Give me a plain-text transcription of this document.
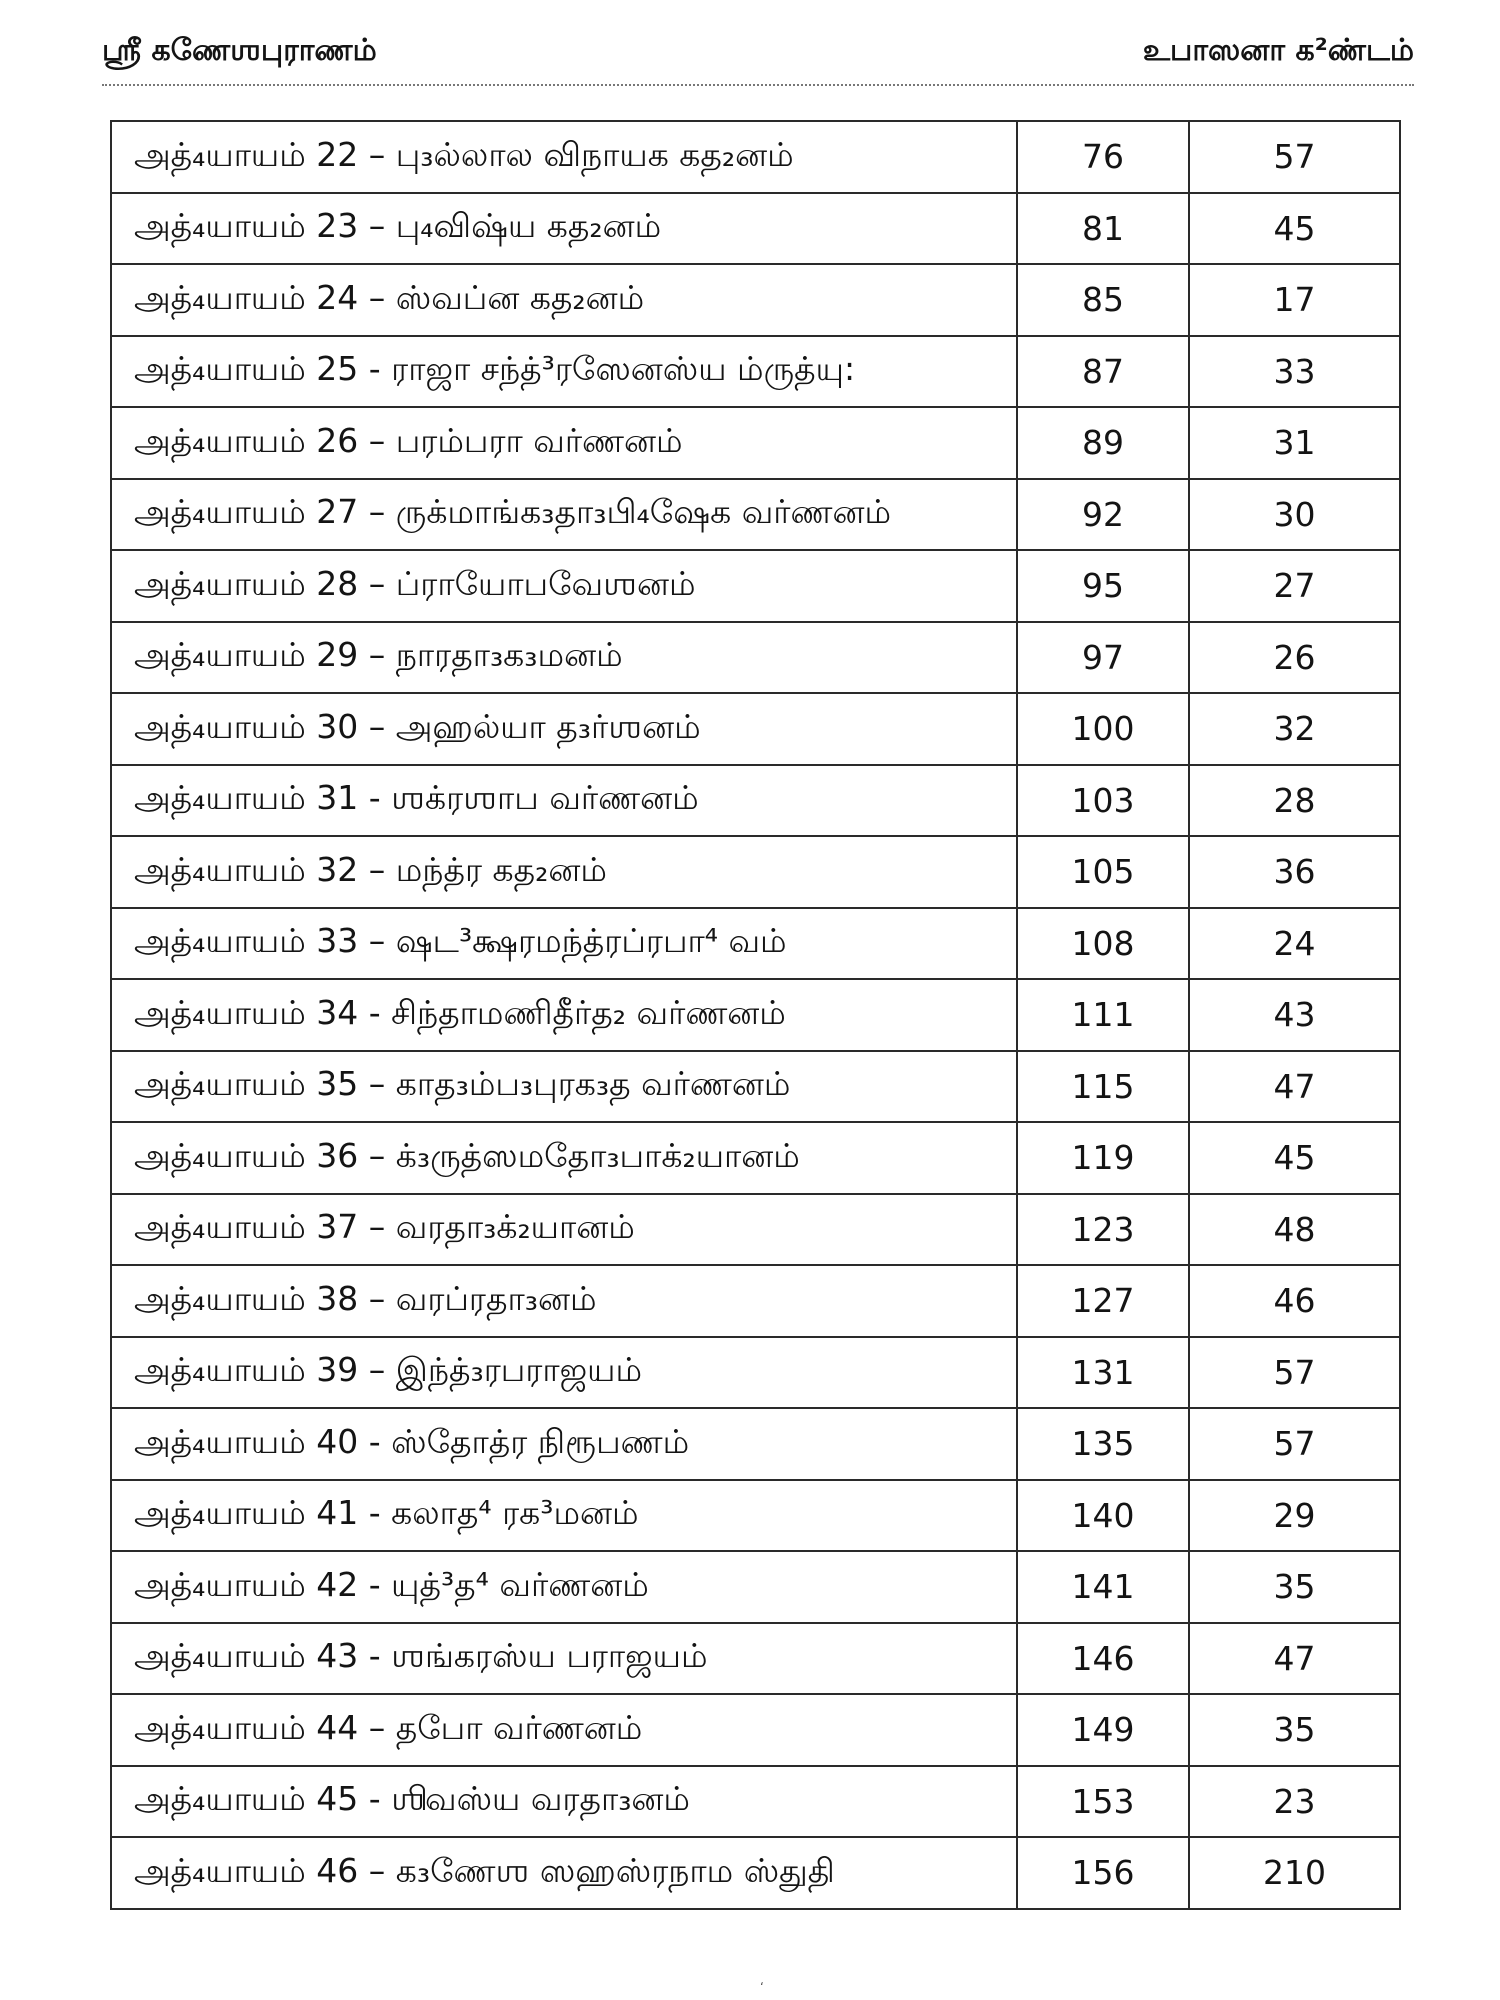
ஸ்ரீ கணேஶபுராணம்	உபாஸனா க²ண்டம்
அத்₄யாயம் 22 – பு₃ல்லால விநாயக கத₂னம்	76	57
அத்₄யாயம் 23 – பு₄விஷ்ய கத₂னம்	81	45
அத்₄யாயம் 24 – ஸ்வப்ன கத₂னம்	85	17
அத்₄யாயம் 25 - ராஜா சந்த்³ரஸேனஸ்ய ம்ருத்யு:	87	33
அத்₄யாயம் 26 – பரம்பரா வர்ணனம்	89	31
அத்₄யாயம் 27 – ருக்மாங்க₃தா₃பி₄ஷேக வர்ணனம்	92	30
அத்₄யாயம் 28 – ப்ராயோபவேஶனம்	95	27
அத்₄யாயம் 29 – நாரதா₃க₃மனம்	97	26
அத்₄யாயம் 30 – அஹல்யா த₃ர்ஶனம்	100	32
அத்₄யாயம் 31 - ஶக்ரஶாப வர்ணனம்	103	28
அத்₄யாயம் 32 – மந்த்ர கத₂னம்	105	36
அத்₄யாயம் 33 – ஷட³க்ஷரமந்த்ரப்ரபா⁴ வம்	108	24
அத்₄யாயம் 34 - சிந்தாமணிதீர்த₂ வர்ணனம்	111	43
அத்₄யாயம் 35 – காத₃ம்ப₃புரக₃த வர்ணனம்	115	47
அத்₄யாயம் 36 – க்₃ருத்ஸமதோ₃பாக்₂யானம்	119	45
அத்₄யாயம் 37 – வரதா₃க்₂யானம்	123	48
அத்₄யாயம் 38 – வரப்ரதா₃னம்	127	46
அத்₄யாயம் 39 – இந்த்₃ரபராஜயம்	131	57
அத்₄யாயம் 40 - ஸ்தோத்ர நிரூபணம்	135	57
அத்₄யாயம் 41 - கலாத⁴ ரக³மனம்	140	29
அத்₄யாயம் 42 - யுத்³த⁴ வர்ணனம்	141	35
அத்₄யாயம் 43 - ஶங்கரஸ்ய பராஜயம்	146	47
அத்₄யாயம் 44 – தபோ வர்ணனம்	149	35
அத்₄யாயம் 45 - ஶிவஸ்ய வரதா₃னம்	153	23
அத்₄யாயம் 46 – க₃ணேஶ ஸஹஸ்ரநாம ஸ்துதி	156	210
ʻ
